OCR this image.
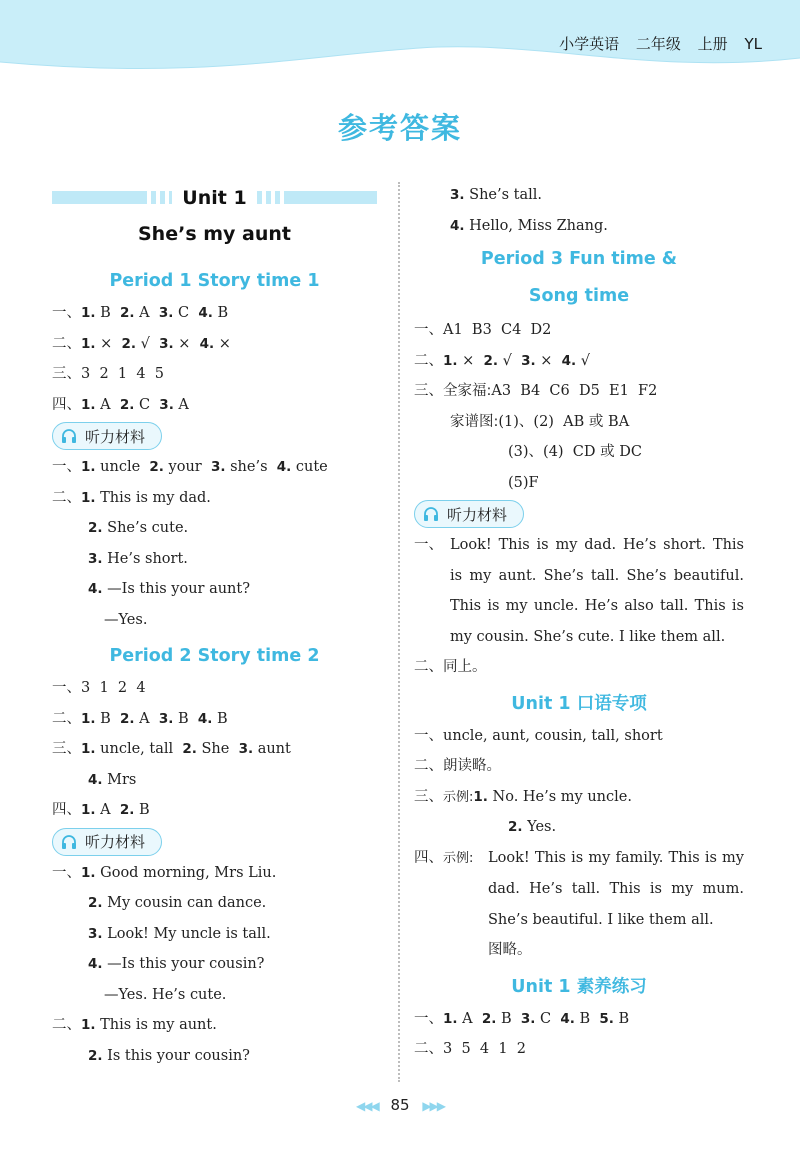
小学英语 二年级 上册 YL
参考答案
Unit 1
She’s my aunt
Period 1 Story time 1
一、1. B  2. A  3. C  4. B
二、1. ×  2. √  3. ×  4. ×
三、3  2  1  4  5
四、1. A  2. C  3. A
听力材料
一、1. uncle  2. your  3. she’s  4. cute
二、1. This is my dad.
2. She’s cute.
3. He’s short.
4. —Is this your aunt?
—Yes.
Period 2 Story time 2
一、3  1  2  4
二、1. B  2. A  3. B  4. B
三、1. uncle, tall  2. She  3. aunt
4. Mrs
四、1. A  2. B
听力材料
一、1. Good morning, Mrs Liu.
2. My cousin can dance.
3. Look! My uncle is tall.
4. —Is this your cousin?
—Yes. He’s cute.
二、1. This is my aunt.
2. Is this your cousin?
3. She’s tall.
4. Hello, Miss Zhang.
Period 3 Fun time &
Song time
一、A1  B3  C4  D2
二、1. ×  2. √  3. ×  4. √
三、全家福:A3  B4  C6  D5  E1  F2
家谱图:(1)、(2)  AB 或 BA
(3)、(4)  CD 或 DC
(5)F
听力材料
一、 Look! This is my dad. He’s short. This is my aunt. She’s tall. She’s beautiful. This is my uncle. He’s also tall. This is my cousin. She’s cute. I like them all.
二、同上。
Unit 1 口语专项
一、uncle, aunt, cousin, tall, short
二、朗读略。
三、示例:1. No. He’s my uncle.
2. Yes.
四、示例: Look! This is my family. This is my dad. He’s tall. This is my mum. She’s beautiful. I like them all.
图略。
Unit 1 素养练习
一、1. A  2. B  3. C  4. B  5. B
二、3  5  4  1  2
◀◀◀ 85 ▶▶▶
